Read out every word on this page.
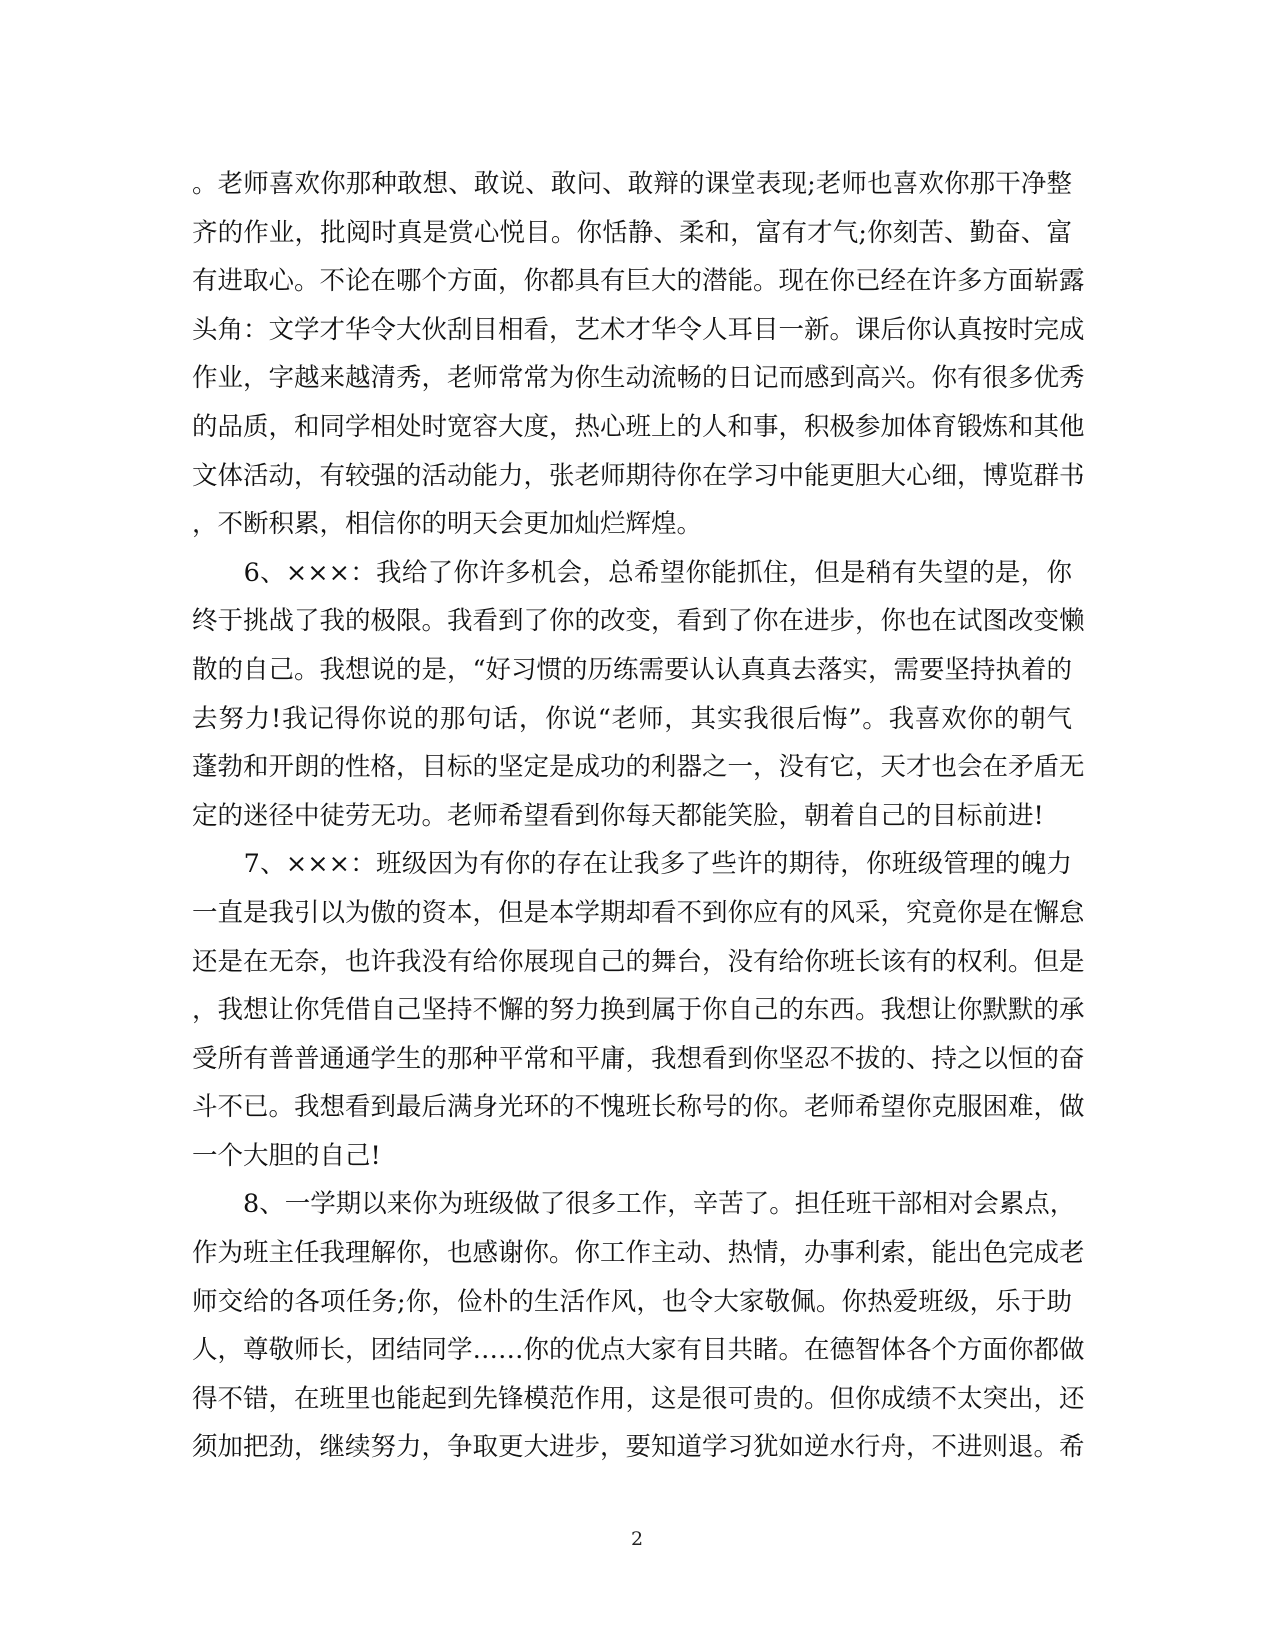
。老师喜欢你那种敢想、敢说、敢问、敢辩的课堂表现;老师也喜欢你那干净整
齐的作业，批阅时真是赏心悦目。你恬静、柔和，富有才气;你刻苦、勤奋、富
有进取心。不论在哪个方面，你都具有巨大的潜能。现在你已经在许多方面崭露
头角：文学才华令大伙刮目相看，艺术才华令人耳目一新。课后你认真按时完成
作业，字越来越清秀，老师常常为你生动流畅的日记而感到高兴。你有很多优秀
的品质，和同学相处时宽容大度，热心班上的人和事，积极参加体育锻炼和其他
文体活动，有较强的活动能力，张老师期待你在学习中能更胆大心细，博览群书
，不断积累，相信你的明天会更加灿烂辉煌。
　　6、×××：我给了你许多机会，总希望你能抓住，但是稍有失望的是，你
终于挑战了我的极限。我看到了你的改变，看到了你在进步，你也在试图改变懒
散的自己。我想说的是，“好习惯的历练需要认认真真去落实，需要坚持执着的
去努力!我记得你说的那句话，你说“老师，其实我很后悔”。我喜欢你的朝气
蓬勃和开朗的性格，目标的坚定是成功的利器之一，没有它，天才也会在矛盾无
定的迷径中徒劳无功。老师希望看到你每天都能笑脸，朝着自己的目标前进!
　　7、×××：班级因为有你的存在让我多了些许的期待，你班级管理的魄力
一直是我引以为傲的资本，但是本学期却看不到你应有的风采，究竟你是在懈怠
还是在无奈，也许我没有给你展现自己的舞台，没有给你班长该有的权利。但是
，我想让你凭借自己坚持不懈的努力换到属于你自己的东西。我想让你默默的承
受所有普普通通学生的那种平常和平庸，我想看到你坚忍不拔的、持之以恒的奋
斗不已。我想看到最后满身光环的不愧班长称号的你。老师希望你克服困难，做
一个大胆的自己!
　　8、一学期以来你为班级做了很多工作，辛苦了。担任班干部相对会累点，
作为班主任我理解你，也感谢你。你工作主动、热情，办事利索，能出色完成老
师交给的各项任务;你，俭朴的生活作风，也令大家敬佩。你热爱班级，乐于助
人，尊敬师长，团结同学……你的优点大家有目共睹。在德智体各个方面你都做
得不错，在班里也能起到先锋模范作用，这是很可贵的。但你成绩不太突出，还
须加把劲，继续努力，争取更大进步，要知道学习犹如逆水行舟，不进则退。希
2
